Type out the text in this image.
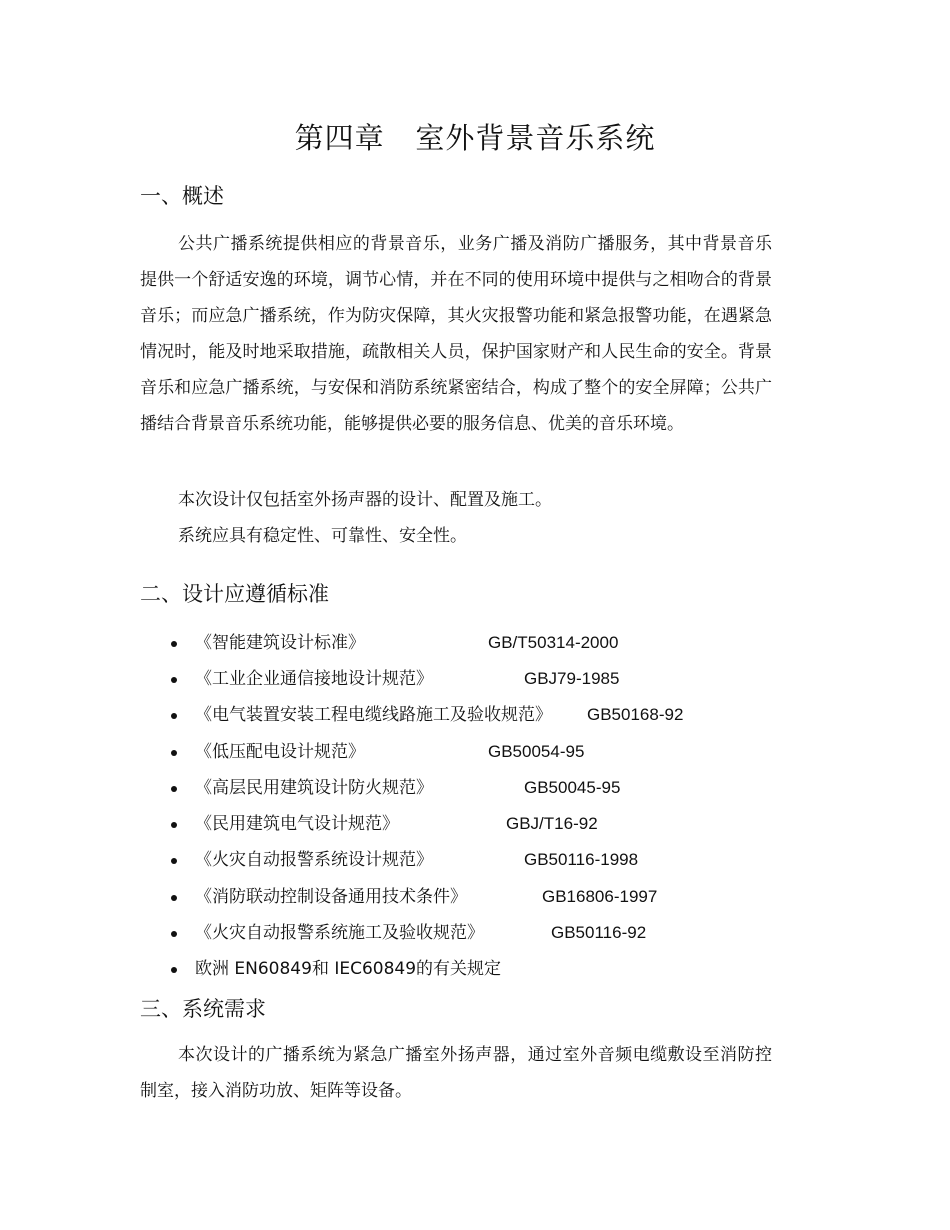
第四章   室外背景音乐系统
一、概述
公共广播系统提供相应的背景音乐，业务广播及消防广播服务，其中背景音乐提供一个舒适安逸的环境，调节心情，并在不同的使用环境中提供与之相吻合的背景音乐；而应急广播系统，作为防灾保障，其火灾报警功能和紧急报警功能，在遇紧急情况时，能及时地采取措施，疏散相关人员，保护国家财产和人民生命的安全。背景音乐和应急广播系统，与安保和消防系统紧密结合，构成了整个的安全屏障；公共广播结合背景音乐系统功能，能够提供必要的服务信息、优美的音乐环境。
本次设计仅包括室外扬声器的设计、配置及施工。
系统应具有稳定性、可靠性、安全性。
二、设计应遵循标准
《智能建筑设计标准》	GB/T50314-2000
《工业企业通信接地设计规范》	GBJ79-1985
《电气装置安装工程电缆线路施工及验收规范》 GB50168-92
《低压配电设计规范》	GB50054-95
《高层民用建筑设计防火规范》	GB50045-95
《民用建筑电气设计规范》	GBJ/T16-92
《火灾自动报警系统设计规范》	GB50116-1998
《消防联动控制设备通用技术条件》	GB16806-1997
《火灾自动报警系统施工及验收规范》	GB50116-92
欧洲 EN60849和 IEC60849的有关规定
三、系统需求
本次设计的广播系统为紧急广播室外扬声器，通过室外音频电缆敷设至消防控制室，接入消防功放、矩阵等设备。
